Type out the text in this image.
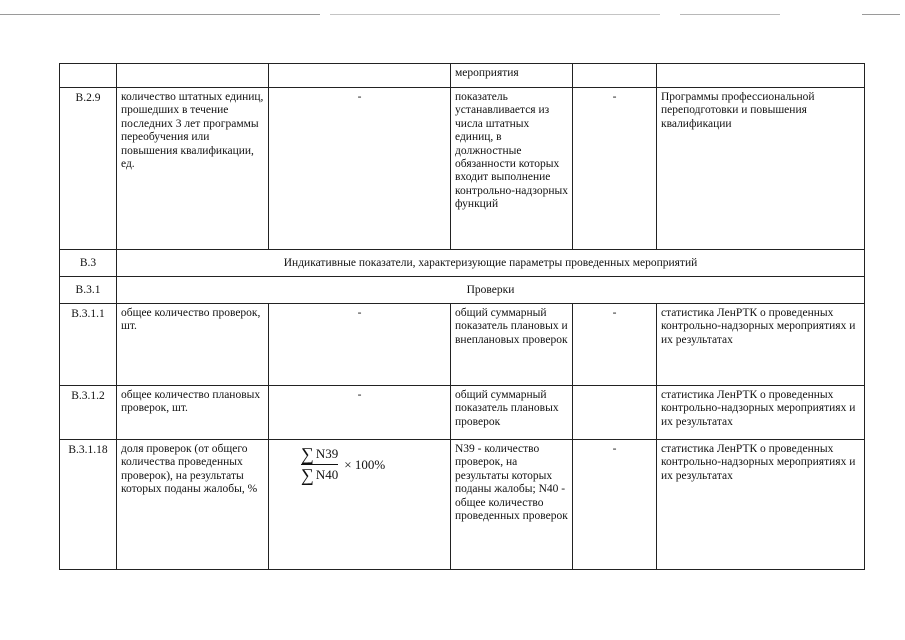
			мероприятия		
В.2.9	количество штатных единиц, прошедших в течение последних 3 лет программы переобучения или повышения квалификации, ед.	-	показатель устанавливается из числа штатных единиц, в должностные обязанности которых входит выполнение контрольно-надзорных функций	-	Программы профессиональной переподготовки и повышения квалификации
В.3	Индикативные показатели, характеризующие параметры проведенных мероприятий				
В.3.1	Проверки				
В.3.1.1	общее количество проверок, шт.	-	общий суммарный показатель плановых и внеплановых проверок	-	статистика ЛенРТК о проведенных контрольно-надзорных мероприятиях и их результатах
В.3.1.2	общее количество плановых проверок, шт.	-	общий суммарный показатель плановых проверок		статистика ЛенРТК о проведенных контрольно-надзорных мероприятиях и их результатах
В.3.1.18	доля проверок (от общего количества проведенных проверок), на результаты которых поданы жалобы, %	$\frac{\sum N39}{\sum N40} \times 100\%$	N39 - количество проверок, на результаты которых поданы жалобы; N40 - общее количество проведенных проверок	-	статистика ЛенРТК о проведенных контрольно-надзорных мероприятиях и их результатах
